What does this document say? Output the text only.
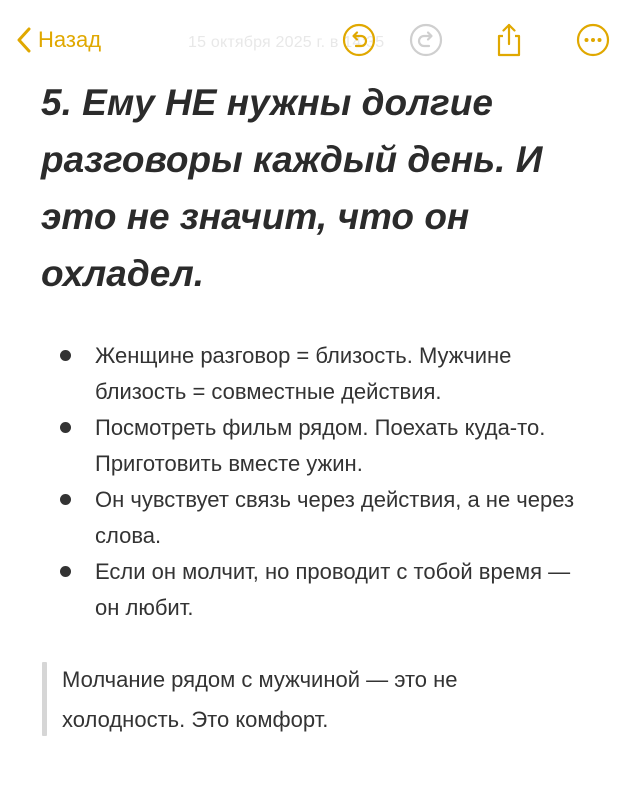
Назад	15 октября 2025 г. в 14:35
5. Ему НЕ нужны долгие разговоры каждый день. И это не значит, что он охладел.
Женщине разговор = близость. Мужчине близость = совместные действия.
Посмотреть фильм рядом. Поехать куда-то. Приготовить вместе ужин.
Он чувствует связь через действия, а не через слова.
Если он молчит, но проводит с тобой время — он любит.
Молчание рядом с мужчиной — это не холодность. Это комфорт.
